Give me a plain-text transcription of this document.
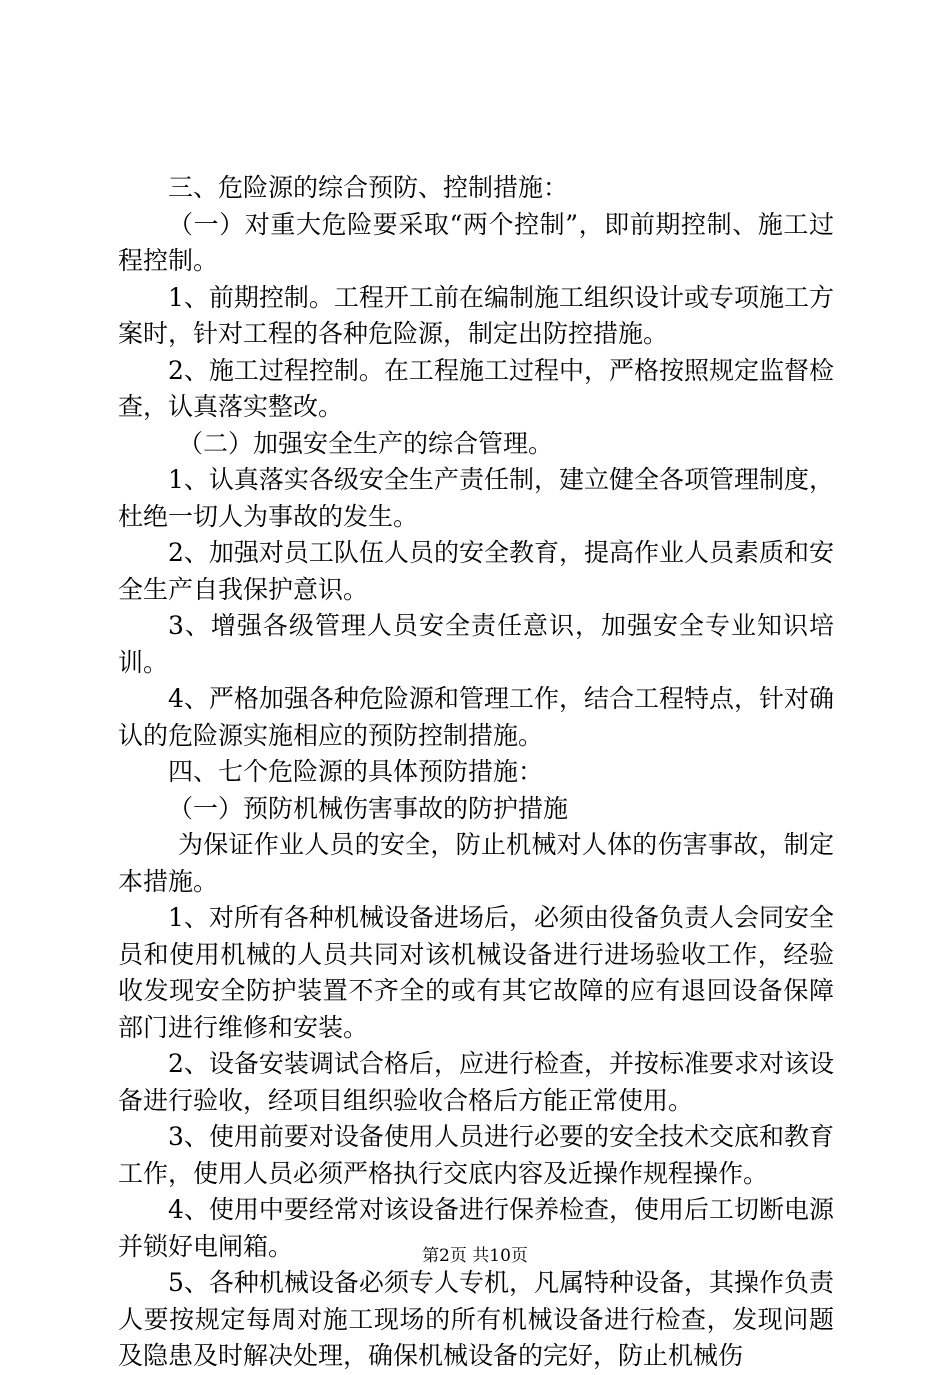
三、危险源的综合预防、控制措施：

（一）对重大危险要采取“两个控制”，即前期控制、施工过程控制。

1、前期控制。工程开工前在编制施工组织设计或专项施工方案时，针对工程的各种危险源，制定出防控措施。

2、施工过程控制。在工程施工过程中，严格按照规定监督检查，认真落实整改。

（二）加强安全生产的综合管理。

1、认真落实各级安全生产责任制，建立健全各项管理制度，杜绝一切人为事故的发生。

2、加强对员工队伍人员的安全教育，提高作业人员素质和安全生产自我保护意识。

3、增强各级管理人员安全责任意识，加强安全专业知识培训。

4、严格加强各种危险源和管理工作，结合工程特点，针对确认的危险源实施相应的预防控制措施。

四、七个危险源的具体预防措施：

（一）预防机械伤害事故的防护措施

为保证作业人员的安全，防止机械对人体的伤害事故，制定本措施。

1、对所有各种机械设备进场后，必须由役备负责人会同安全员和使用机械的人员共同对该机械设备进行进场验收工作，经验收发现安全防护装置不齐全的或有其它故障的应有退回设备保障部门进行维修和安装。

2、设备安装调试合格后，应进行检查，并按标准要求对该设备进行验收，经项目组织验收合格后方能正常使用。

3、使用前要对设备使用人员进行必要的安全技术交底和教育工作，使用人员必须严格执行交底内容及近操作规程操作。

4、使用中要经常对该设备进行保养检查，使用后工切断电源并锁好电闸箱。

5、各种机械设备必须专人专机，凡属特种设备，其操作负责人要按规定每周对施工现场的所有机械设备进行检查，发现问题及隐患及时解决处理，确保机械设备的完好，防止机械伤

第2页 共10页
